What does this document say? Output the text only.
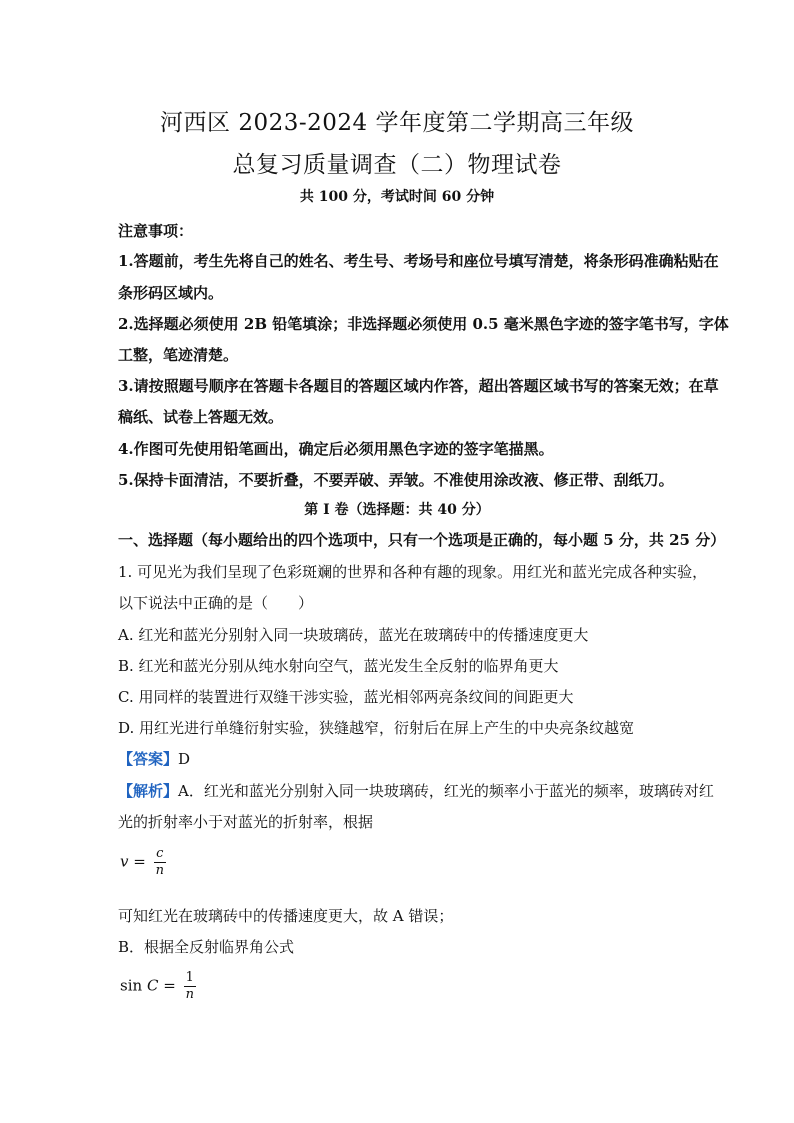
河西区 2023-2024 学年度第二学期高三年级
总复习质量调查（二）物理试卷
共 100 分，考试时间 60 分钟
注意事项：
1.答题前，考生先将自己的姓名、考生号、考场号和座位号填写清楚，将条形码准确粘贴在
条形码区域内。
2.选择题必须使用 2B 铅笔填涂；非选择题必须使用 0.5 毫米黑色字迹的签字笔书写，字体
工整，笔迹清楚。
3.请按照题号顺序在答题卡各题目的答题区域内作答，超出答题区域书写的答案无效；在草
稿纸、试卷上答题无效。
4.作图可先使用铅笔画出，确定后必须用黑色字迹的签字笔描黑。
5.保持卡面清洁，不要折叠，不要弄破、弄皱。不准使用涂改液、修正带、刮纸刀。
第 I 卷（选择题：共 40 分）
一、选择题（每小题给出的四个选项中，只有一个选项是正确的，每小题 5 分，共 25 分）
1. 可见光为我们呈现了色彩斑斓的世界和各种有趣的现象。用红光和蓝光完成各种实验，
以下说法中正确的是（　　）
A. 红光和蓝光分别射入同一块玻璃砖，蓝光在玻璃砖中的传播速度更大
B. 红光和蓝光分别从纯水射向空气，蓝光发生全反射的临界角更大
C. 用同样的装置进行双缝干涉实验，蓝光相邻两亮条纹间的间距更大
D. 用红光进行单缝衍射实验，狭缝越窄，衍射后在屏上产生的中央亮条纹越宽
【答案】D
【解析】A．红光和蓝光分别射入同一块玻璃砖，红光的频率小于蓝光的频率，玻璃砖对红
光的折射率小于对蓝光的折射率，根据
$v = \frac{c}{n}$
可知红光在玻璃砖中的传播速度更大，故 A 错误；
B．根据全反射临界角公式
$\sin C = \frac{1}{n}$
